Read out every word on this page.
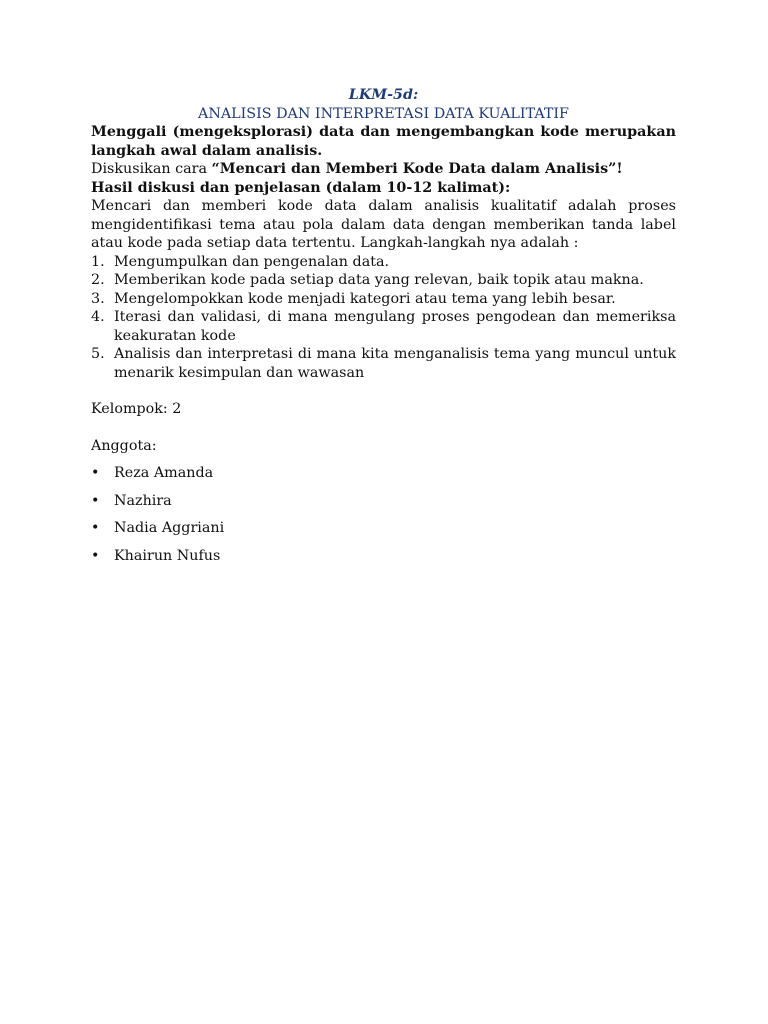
LKM-5d:

ANALISIS DAN INTERPRETASI DATA KUALITATIF

Menggali (mengeksplorasi) data dan mengembangkan kode merupakan langkah awal dalam analisis.

Diskusikan cara “Mencari dan Memberi Kode Data dalam Analisis”!

Hasil diskusi dan penjelasan (dalam 10-12 kalimat):

Mencari dan memberi kode data dalam analisis kualitatif adalah proses mengidentifikasi tema atau pola dalam data dengan memberikan tanda label atau kode pada setiap data tertentu. Langkah-langkah nya adalah :

1. Mengumpulkan dan pengenalan data.
2. Memberikan kode pada setiap data yang relevan, baik topik atau makna.
3. Mengelompokkan kode menjadi kategori atau tema yang lebih besar.
4. Iterasi dan validasi, di mana mengulang proses pengodean dan memeriksa keakuratan kode
5. Analisis dan interpretasi di mana kita menganalisis tema yang muncul untuk menarik kesimpulan dan wawasan

Kelompok: 2

Anggota:

• Reza Amanda
• Nazhira
• Nadia Aggriani
• Khairun Nufus
